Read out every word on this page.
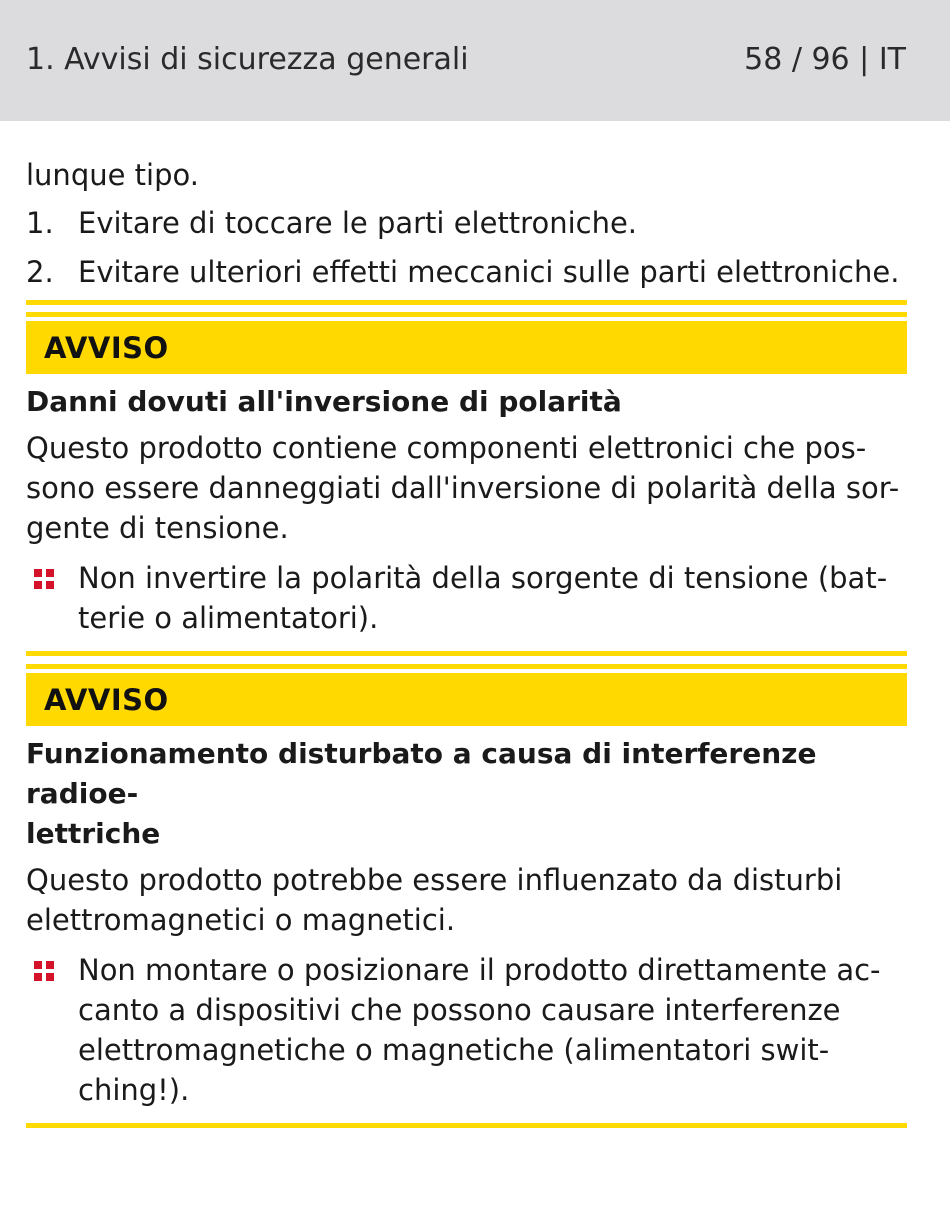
1. Avvisi di sicurezza generali	58 / 96 | IT

lunque tipo.

1. Evitare di toccare le parti elettroniche.
2. Evitare ulteriori effetti meccanici sulle parti elettroniche.
AVVISO
Danni dovuti all'inversione di polarità
Questo prodotto contiene componenti elettronici che pos-
sono essere danneggiati dall'inversione di polarità della sor-
gente di tensione.
Non invertire la polarità della sorgente di tensione (bat-
terie o alimentatori).
AVVISO
Funzionamento disturbato a causa di interferenze radioe-
lettriche
Questo prodotto potrebbe essere influenzato da disturbi
elettromagnetici o magnetici.
Non montare o posizionare il prodotto direttamente ac-
canto a dispositivi che possono causare interferenze
elettromagnetiche o magnetiche (alimentatori swit-
ching!).
